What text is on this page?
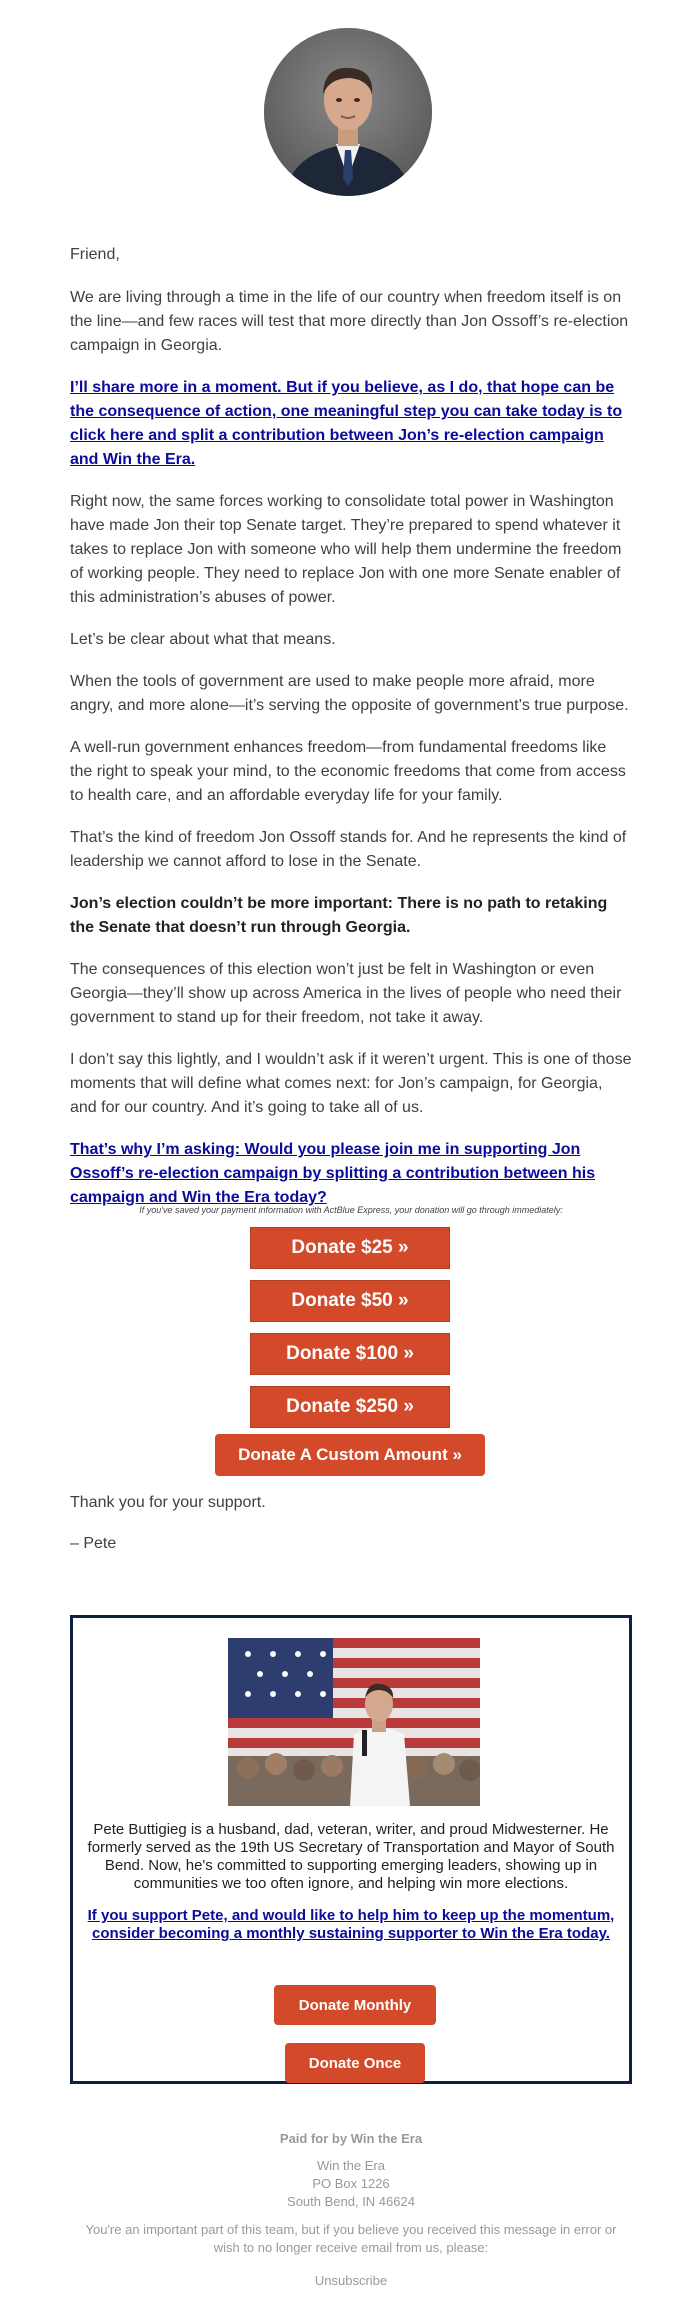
Friend,

We are living through a time in the life of our country when freedom itself is on the line—and few races will test that more directly than Jon Ossoff’s re-election campaign in Georgia.

I’ll share more in a moment. But if you believe, as I do, that hope can be the consequence of action, one meaningful step you can take today is to click here and split a contribution between Jon’s re-election campaign and Win the Era.

Right now, the same forces working to consolidate total power in Washington have made Jon their top Senate target. They’re prepared to spend whatever it takes to replace Jon with someone who will help them undermine the freedom of working people. They need to replace Jon with one more Senate enabler of this administration’s abuses of power.

Let’s be clear about what that means.

When the tools of government are used to make people more afraid, more angry, and more alone—it’s serving the opposite of government’s true purpose.

A well-run government enhances freedom—from fundamental freedoms like the right to speak your mind, to the economic freedoms that come from access to health care, and an affordable everyday life for your family.

That’s the kind of freedom Jon Ossoff stands for. And he represents the kind of leadership we cannot afford to lose in the Senate.

Jon’s election couldn’t be more important: There is no path to retaking the Senate that doesn’t run through Georgia.

The consequences of this election won’t just be felt in Washington or even Georgia—they’ll show up across America in the lives of people who need their government to stand up for their freedom, not take it away.

I don’t say this lightly, and I wouldn’t ask if it weren’t urgent. This is one of those moments that will define what comes next: for Jon’s campaign, for Georgia, and for our country. And it’s going to take all of us.

That’s why I’m asking: Would you please join me in supporting Jon Ossoff’s re-election campaign by splitting a contribution between his campaign and Win the Era today?
If you've saved your payment information with ActBlue Express, your donation will go through immediately:
Donate $25 »
Donate $50 »
Donate $100 »
Donate $250 »
Donate A Custom Amount »
Thank you for your support.
– Pete
Pete Buttigieg is a husband, dad, veteran, writer, and proud Midwesterner. He formerly served as the 19th US Secretary of Transportation and Mayor of South Bend. Now, he's committed to supporting emerging leaders, showing up in communities we too often ignore, and helping win more elections.
If you support Pete, and would like to help him to keep up the momentum, consider becoming a monthly sustaining supporter to Win the Era today.
Donate Monthly
Donate Once
Paid for by Win the Era
Win the Era
PO Box 1226
South Bend, IN 46624
You're an important part of this team, but if you believe you received this message in error or wish to no longer receive email from us, please:
Unsubscribe
